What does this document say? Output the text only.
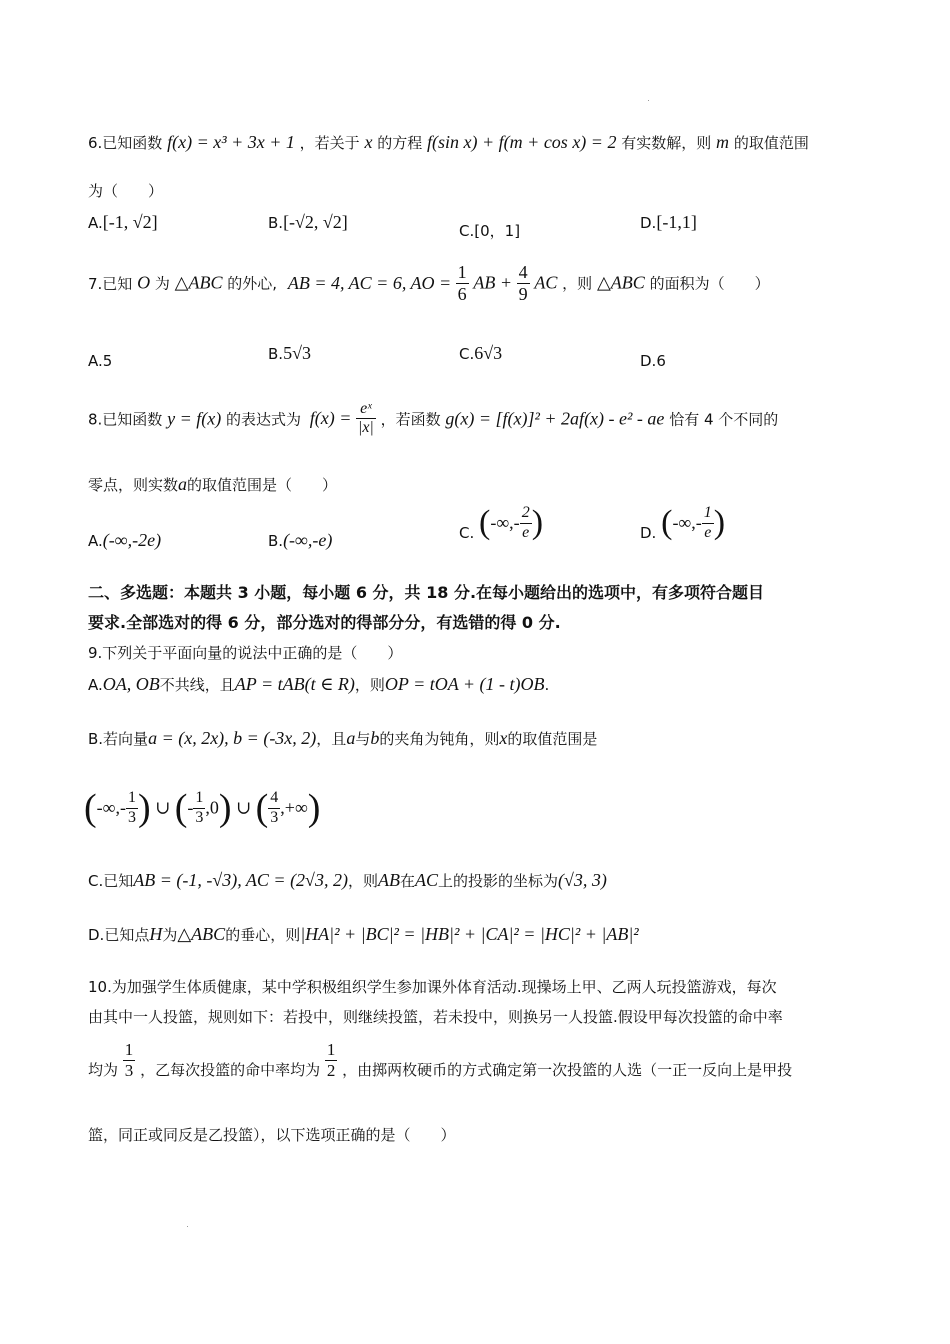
6.已知函数 f(x) = x³ + 3x + 1 ，若关于 x 的方程 f(sin x) + f(m + cos x) = 2 有实数解，则 m 的取值范围
为（　　）
A.[-1, √2]	B.[-√2, √2]	C.[0，1]	D.[-1,1]
7.已知 O 为 △ABC 的外心, AB = 4, AC = 6, AO = $\frac{1}{6}$ AB + $\frac{4}{9}$ AC ，则 △ABC 的面积为（　　）
A.5	B.5√3	C.6√3	D.6
8.已知函数 y = f(x) 的表达式为 $f(x) = \frac{\text{eˣ}}{|x|}$ ，若函数 g(x) = [f(x)]² + 2af(x) - e² - ae 恰有 4 个不同的
零点，则实数a的取值范围是（　　）
A.(-∞,-2e)	B.(-∞,-e)	C. (-∞,- $\frac{2}{e}$ )	D. (-∞,- $\frac{1}{e}$ )
二、多选题：本题共 3 小题，每小题 6 分，共 18 分.在每小题给出的选项中，有多项符合题目
要求.全部选对的得 6 分，部分选对的得部分分，有选错的得 0 分.
9.下列关于平面向量的说法中正确的是（　　）
A.OA, OB不共线，且AP = tAB(t ∈ R)，则OP = tOA + (1 - t)OB.
B.若向量a = (x, 2x), b = (-3x, 2)，且a与b的夹角为钝角，则x的取值范围是
(-∞,- $\frac{1}{3}$ ) ∪ (- $\frac{1}{3} ,0$) ∪ ( $\frac{4}{3}$ ,+∞)
C.已知AB = (-1, -√3), AC = (2√3, 2)，则AB在AC上的投影的坐标为(√3, 3)
D.已知点H为△ABC的垂心，则|HA|² + |BC|² = |HB|² + |CA|² = |HC|² + |AB|²
10.为加强学生体质健康，某中学积极组织学生参加课外体育活动.现操场上甲、乙两人玩投篮游戏，每次
由其中一人投篮，规则如下：若投中，则继续投篮，若未投中，则换另一人投篮.假设甲每次投篮的命中率
均为 $\frac{1}{3}$ ，乙每次投篮的命中率均为 $\frac{1}{2}$ ，由掷两枚硬币的方式确定第一次投篮的人选（一正一反向上是甲投
篮，同正或同反是乙投篮），以下选项正确的是（　　）
